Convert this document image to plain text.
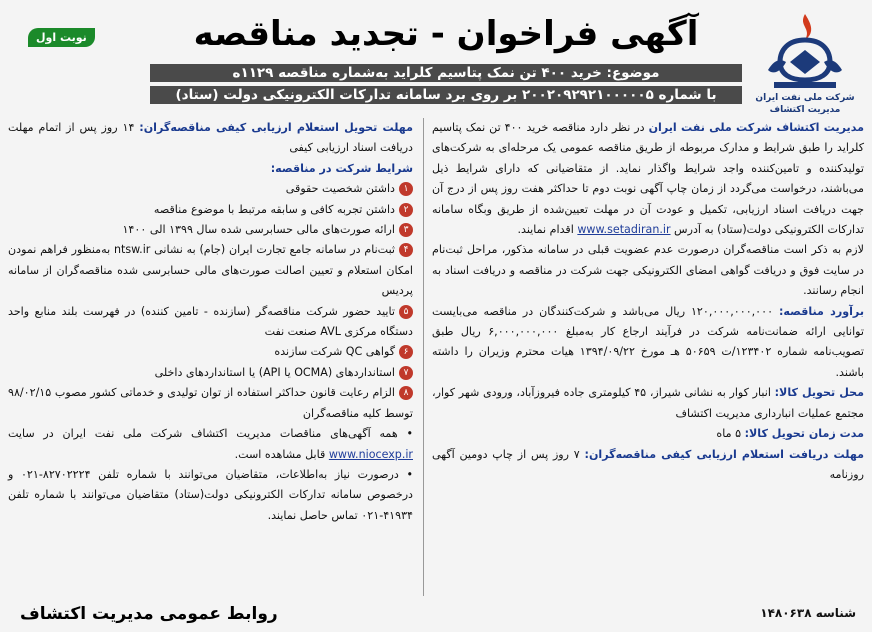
شرکت ملی نفت ایران
مدیریت اکتشاف
نوبت اول	آگهی فراخوان - تجدید مناقصه
موضوع: خرید ۴۰۰ تن نمک پتاسیم کلراید به‌شماره مناقصه ۱۱۲۹ه
با شماره ۲۰۰۲۰۹۲۹۲۱۰۰۰۰۰۵ بر روی برد سامانه تدارکات الکترونیکی دولت (ستاد)

مدیریت اکتشاف شرکت ملی نفت ایران در نظر دارد مناقصه خرید ۴۰۰ تن نمک پتاسیم کلراید را طبق شرایط و مدارک مربوطه از طریق مناقصه عمومی یک مرحله‌ای به شرکت‌های تولیدکننده و تامین‌کننده واجد شرایط واگذار نماید. از متقاضیانی که دارای شرایط ذیل می‌باشند، درخواست می‌گردد از زمان چاپ آگهی نوبت دوم تا حداکثر هفت روز پس از درج آن جهت دریافت اسناد ارزیابی، تکمیل و عودت آن در مهلت تعیین‌شده از طریق وبگاه سامانه تدارکات الکترونیکی دولت(ستاد) به آدرس www.setadiran.ir اقدام نمایند.

لازم به ذکر است مناقصه‌گران درصورت عدم عضویت قبلی در سامانه مذکور، مراحل ثبت‌نام در سایت فوق و دریافت گواهی امضای الکترونیکی جهت شرکت در مناقصه و دریافت اسناد به انجام رسانند.

برآورد مناقصه: ۱۲۰,۰۰۰,۰۰۰,۰۰۰ ریال می‌باشد و شرکت‌کنندگان در مناقصه می‌بایست توانایی ارائه ضمانت‌نامه شرکت در فرآیند ارجاع کار به‌مبلغ ۶,۰۰۰,۰۰۰,۰۰۰ ریال طبق تصویب‌نامه شماره ۱۲۳۴۰۲/ت ۵۰۶۵۹ هـ مورخ ۱۳۹۴/۰۹/۲۲ هیات محترم وزیران را داشته باشند.

محل تحویل کالا: انبار کوار به نشانی شیراز، ۴۵ کیلومتری جاده فیروزآباد، ورودی شهر کوار، مجتمع عملیات انبارداری مدیریت اکتشاف

مدت زمان تحویل کالا: ۵ ماه

مهلت دریافت استعلام ارزیابی کیفی مناقصه‌گران: ۷ روز پس از چاپ دومین آگهی روزنامه

مهلت تحویل استعلام ارزیابی کیفی مناقصه‌گران: ۱۴ روز پس از اتمام مهلت دریافت اسناد ارزیابی کیفی

شرایط شرکت در مناقصه:

۱داشتن شخصیت حقوقی

۲داشتن تجربه کافی و سابقه مرتبط با موضوع مناقصه

۳ارائه صورت‌های مالی حسابرسی شده سال ۱۳۹۹ الی ۱۴۰۰

۴ثبت‌نام در سامانه جامع تجارت ایران (جام) به نشانی ntsw.ir به‌منظور فراهم نمودن امکان استعلام و تعیین اصالت صورت‌های مالی حسابرسی شده مناقصه‌گران از سامانه پردیس

۵تایید حضور شرکت مناقصه‌گر (سازنده - تامین کننده) در فهرست بلند منابع واحد دستگاه مرکزی AVL صنعت نفت

۶گواهی QC شرکت سازنده

۷استانداردهای (OCMA یا API) یا استانداردهای داخلی

۸الزام رعایت قانون حداکثر استفاده از توان تولیدی و خدماتی کشور مصوب ۹۸/۰۲/۱۵ توسط کلیه مناقصه‌گران

• همه آگهی‌های مناقصات مدیریت اکتشاف شرکت ملی نفت ایران در سایت www.niocexp.ir قابل مشاهده است.

• درصورت نیاز به‌اطلاعات، متقاضیان می‌توانند با شماره تلفن ۸۲۷۰۲۲۲۴-۰۲۱ و درخصوص سامانه تدارکات الکترونیکی دولت(ستاد) متقاضیان می‌توانند با شماره تلفن ۴۱۹۳۴-۰۲۱ تماس حاصل نمایند.

شناسه ۱۴۸۰۶۳۸
روابط عمومی مدیریت اکتشاف
